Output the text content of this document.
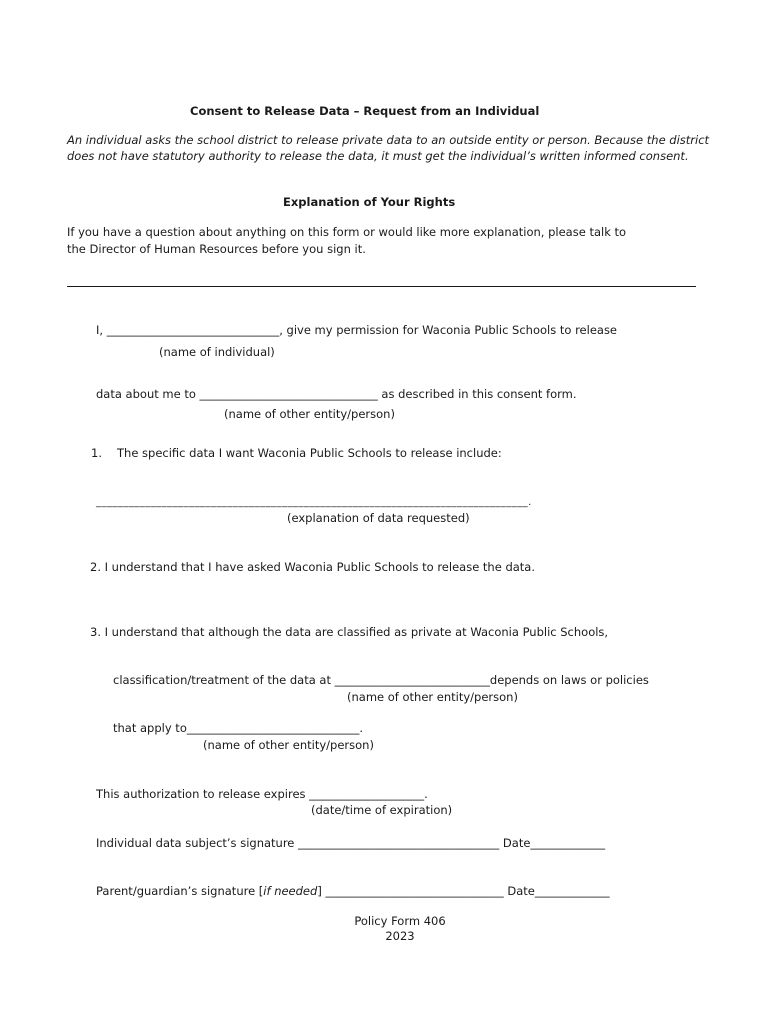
Consent to Release Data – Request from an Individual
An individual asks the school district to release private data to an outside entity or person. Because the district
does not have statutory authority to release the data, it must get the individual’s written informed consent.
Explanation of Your Rights
If you have a question about anything on this form or would like more explanation, please talk to
the Director of Human Resources before you sign it.
I, ______________________________, give my permission for Waconia Public Schools to release
(name of individual)
data about me to _______________________________ as described in this consent form.
(name of other entity/person)
1. The specific data I want Waconia Public Schools to release include:
_______________________________________________________________________________.
(explanation of data requested)
2. I understand that I have asked Waconia Public Schools to release the data.
3. I understand that although the data are classified as private at Waconia Public Schools,
classification/treatment of the data at ___________________________depends on laws or policies
(name of other entity/person)
that apply to______________________________.
(name of other entity/person)
This authorization to release expires ____________________.
(date/time of expiration)
Individual data subject’s signature ___________________________________ Date_____________
Parent/guardian’s signature [if needed] _______________________________ Date_____________
Policy Form 406
2023
